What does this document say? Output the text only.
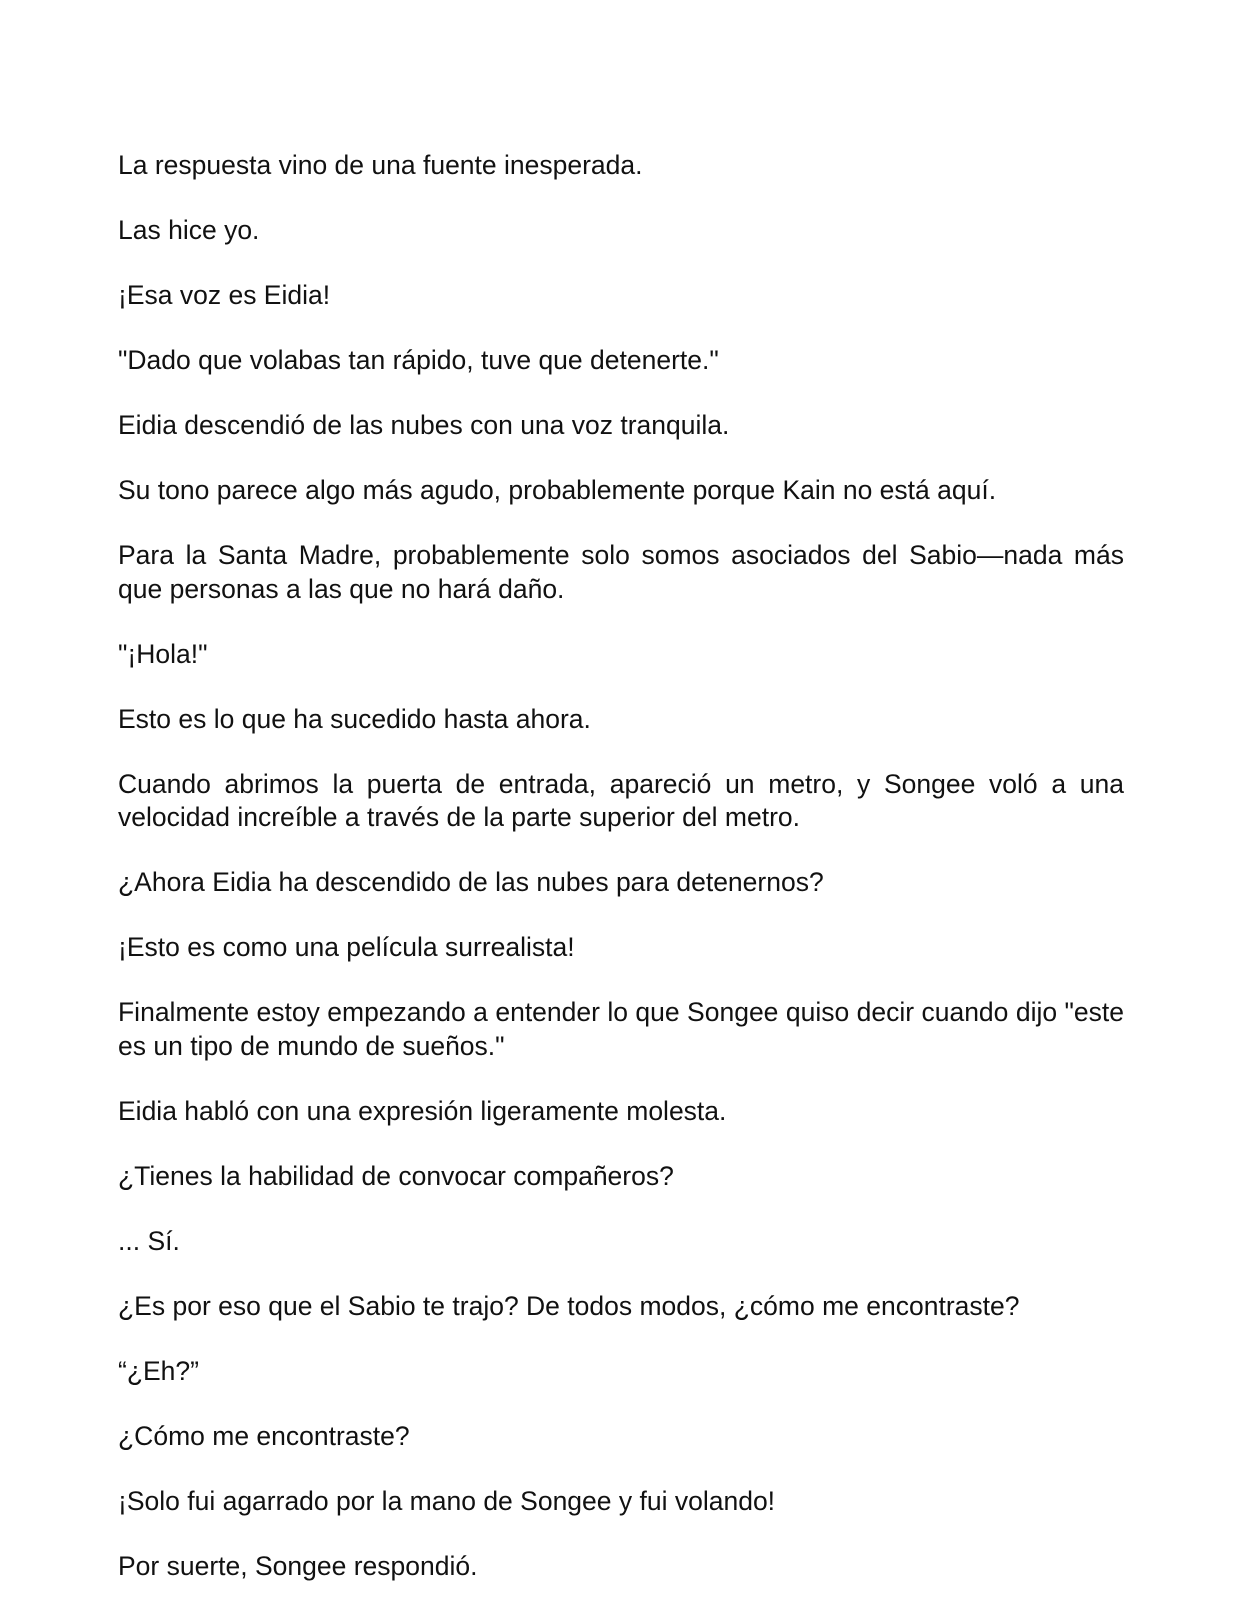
La respuesta vino de una fuente inesperada.

Las hice yo.

¡Esa voz es Eidia!

"Dado que volabas tan rápido, tuve que detenerte."

Eidia descendió de las nubes con una voz tranquila.

Su tono parece algo más agudo, probablemente porque Kain no está aquí.

Para la Santa Madre, probablemente solo somos asociados del Sabio—nada más que personas a las que no hará daño.

"¡Hola!"

Esto es lo que ha sucedido hasta ahora.

Cuando abrimos la puerta de entrada, apareció un metro, y Songee voló a una velocidad increíble a través de la parte superior del metro.

¿Ahora Eidia ha descendido de las nubes para detenernos?

¡Esto es como una película surrealista!

Finalmente estoy empezando a entender lo que Songee quiso decir cuando dijo "este es un tipo de mundo de sueños."

Eidia habló con una expresión ligeramente molesta.

¿Tienes la habilidad de convocar compañeros?

... Sí.

¿Es por eso que el Sabio te trajo? De todos modos, ¿cómo me encontraste?

“¿Eh?”

¿Cómo me encontraste?

¡Solo fui agarrado por la mano de Songee y fui volando!

Por suerte, Songee respondió.
